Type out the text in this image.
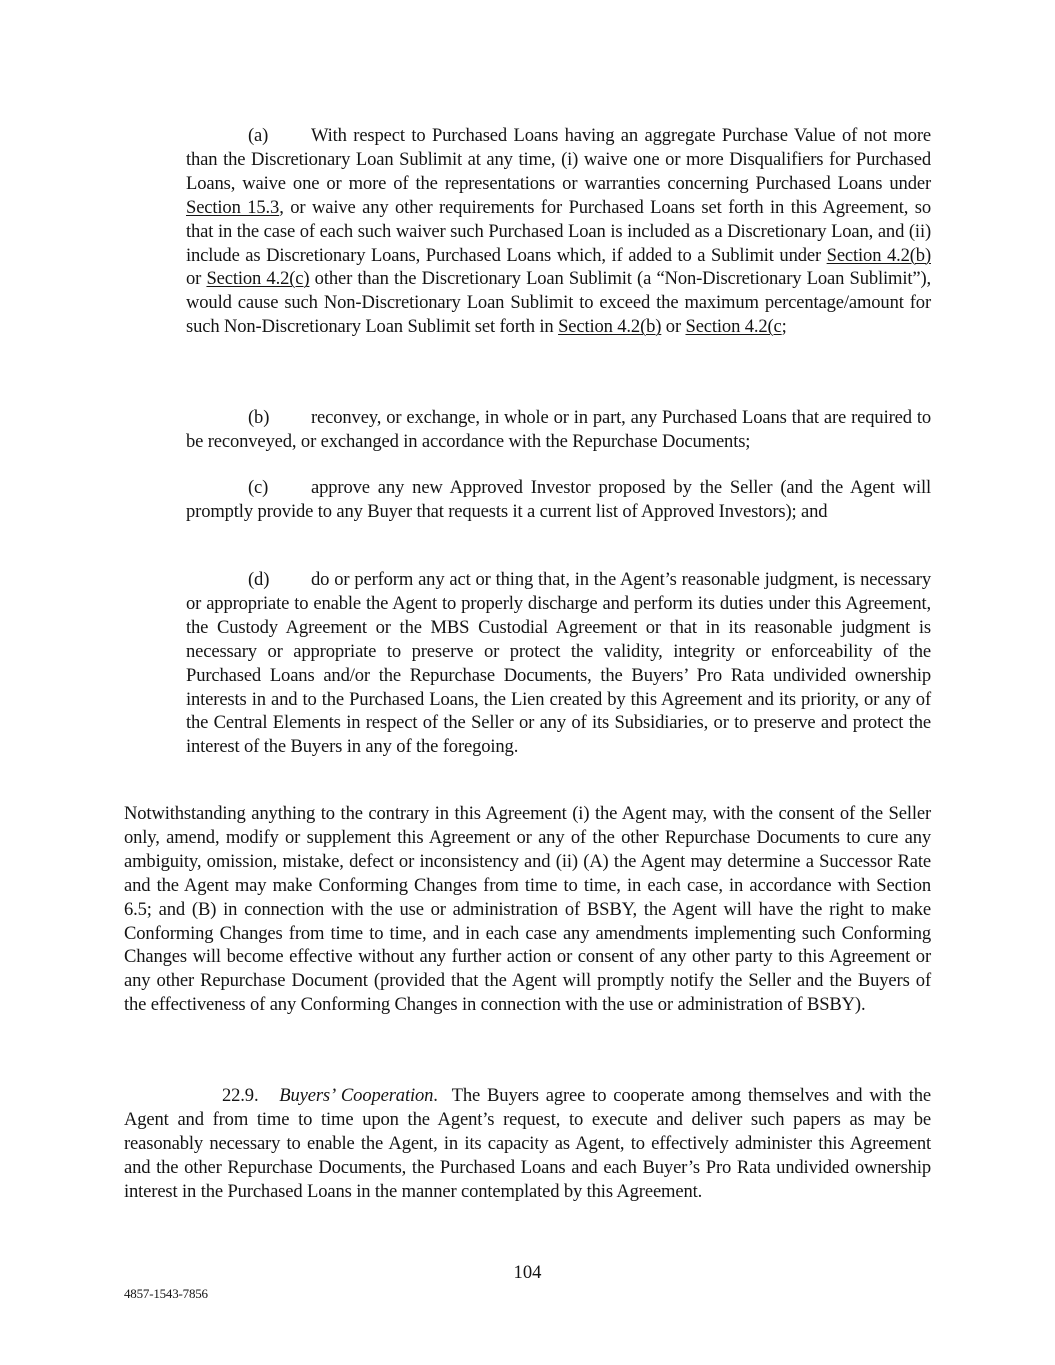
(a) With respect to Purchased Loans having an aggregate Purchase Value of not more than the Discretionary Loan Sublimit at any time, (i) waive one or more Disqualifiers for Purchased Loans, waive one or more of the representations or warranties concerning Purchased Loans under Section 15.3, or waive any other requirements for Purchased Loans set forth in this Agreement, so that in the case of each such waiver such Purchased Loan is included as a Discretionary Loan, and (ii) include as Discretionary Loans, Purchased Loans which, if added to a Sublimit under Section 4.2(b) or Section 4.2(c) other than the Discretionary Loan Sublimit (a “Non-Discretionary Loan Sublimit”), would cause such Non-Discretionary Loan Sublimit to exceed the maximum percentage/amount for such Non-Discretionary Loan Sublimit set forth in Section 4.2(b) or Section 4.2(c;
(b) reconvey, or exchange, in whole or in part, any Purchased Loans that are required to be reconveyed, or exchanged in accordance with the Repurchase Documents;
(c) approve any new Approved Investor proposed by the Seller (and the Agent will promptly provide to any Buyer that requests it a current list of Approved Investors); and
(d) do or perform any act or thing that, in the Agent’s reasonable judgment, is necessary or appropriate to enable the Agent to properly discharge and perform its duties under this Agreement, the Custody Agreement or the MBS Custodial Agreement or that in its reasonable judgment is necessary or appropriate to preserve or protect the validity, integrity or enforceability of the Purchased Loans and/or the Repurchase Documents, the Buyers’ Pro Rata undivided ownership interests in and to the Purchased Loans, the Lien created by this Agreement and its priority, or any of the Central Elements in respect of the Seller or any of its Subsidiaries, or to preserve and protect the interest of the Buyers in any of the foregoing.
Notwithstanding anything to the contrary in this Agreement (i) the Agent may, with the consent of the Seller only, amend, modify or supplement this Agreement or any of the other Repurchase Documents to cure any ambiguity, omission, mistake, defect or inconsistency and (ii) (A) the Agent may determine a Successor Rate and the Agent may make Conforming Changes from time to time, in each case, in accordance with Section 6.5; and (B) in connection with the use or administration of BSBY, the Agent will have the right to make Conforming Changes from time to time, and in each case any amendments implementing such Conforming Changes will become effective without any further action or consent of any other party to this Agreement or any other Repurchase Document (provided that the Agent will promptly notify the Seller and the Buyers of the effectiveness of any Conforming Changes in connection with the use or administration of BSBY).
22.9. Buyers’ Cooperation. The Buyers agree to cooperate among themselves and with the Agent and from time to time upon the Agent’s request, to execute and deliver such papers as may be reasonably necessary to enable the Agent, in its capacity as Agent, to effectively administer this Agreement and the other Repurchase Documents, the Purchased Loans and each Buyer’s Pro Rata undivided ownership interest in the Purchased Loans in the manner contemplated by this Agreement.
104
4857-1543-7856
